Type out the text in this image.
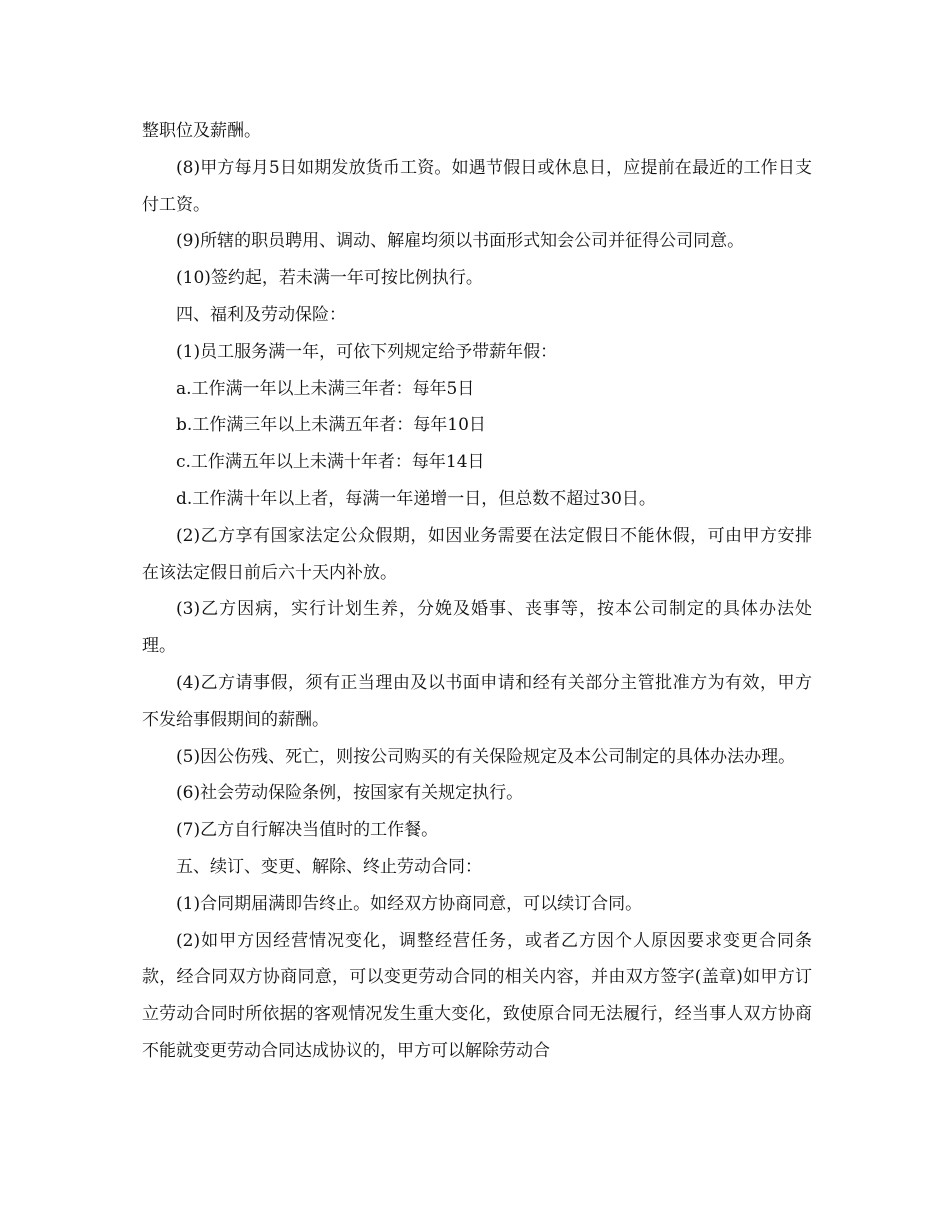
整职位及薪酬。

(8)甲方每月5日如期发放货币工资。如遇节假日或休息日，应提前在最近的工作日支付工资。

(9)所辖的职员聘用、调动、解雇均须以书面形式知会公司并征得公司同意。

(10)签约起，若未满一年可按比例执行。

四、福利及劳动保险：

(1)员工服务满一年，可依下列规定给予带薪年假：

a.工作满一年以上未满三年者：每年5日

b.工作满三年以上未满五年者：每年10日

c.工作满五年以上未满十年者：每年14日

d.工作满十年以上者，每满一年递增一日，但总数不超过30日。

(2)乙方享有国家法定公众假期，如因业务需要在法定假日不能休假，可由甲方安排在该法定假日前后六十天内补放。

(3)乙方因病，实行计划生养，分娩及婚事、丧事等，按本公司制定的具体办法处理。

(4)乙方请事假，须有正当理由及以书面申请和经有关部分主管批准方为有效，甲方不发给事假期间的薪酬。

(5)因公伤残、死亡，则按公司购买的有关保险规定及本公司制定的具体办法办理。

(6)社会劳动保险条例，按国家有关规定执行。

(7)乙方自行解决当值时的工作餐。

五、续订、变更、解除、终止劳动合同：

(1)合同期届满即告终止。如经双方协商同意，可以续订合同。

(2)如甲方因经营情况变化，调整经营任务，或者乙方因个人原因要求变更合同条款，经合同双方协商同意，可以变更劳动合同的相关内容，并由双方签字(盖章)如甲方订立劳动合同时所依据的客观情况发生重大变化，致使原合同无法履行，经当事人双方协商不能就变更劳动合同达成协议的，甲方可以解除劳动合
